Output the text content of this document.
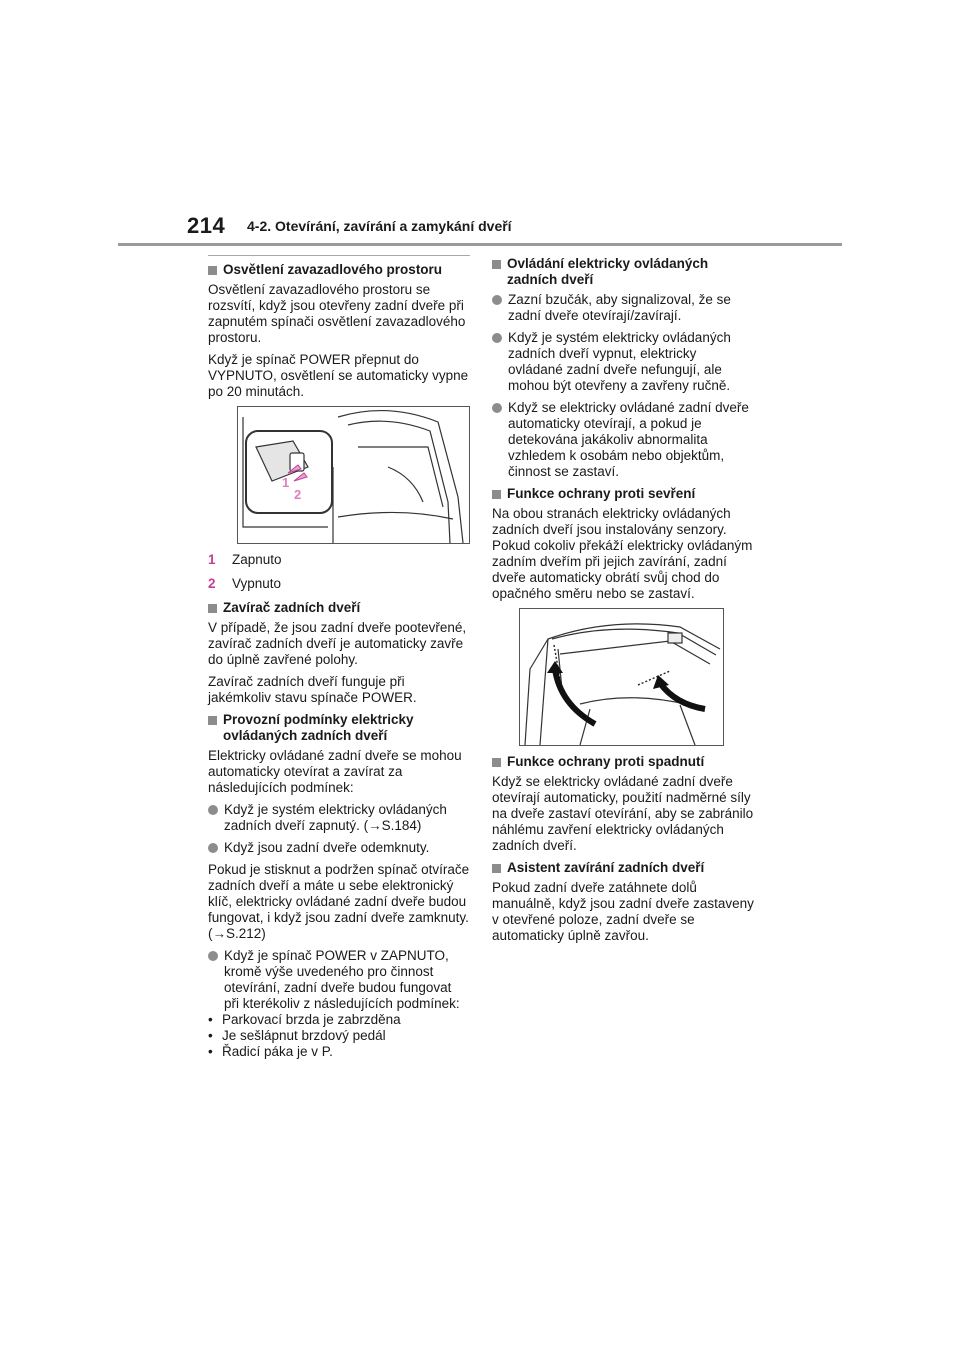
214 4-2. Otevírání, zavírání a zamykání dveří
Osvětlení zavazadlového prostoru

Osvětlení zavazadlového prostoru se rozsvítí, když jsou otevřeny zadní dveře při zapnutém spínači osvětlení zavazadlového prostoru.

Když je spínač POWER přepnut do VYPNUTO, osvětlení se automaticky vypne po 20 minutách.

1
2
1	Zapnuto
2	Vypnuto
Zavírač zadních dveří

V případě, že jsou zadní dveře pootevřené, zavírač zadních dveří je automaticky zavře do úplně zavřené polohy.

Zavírač zadních dveří funguje při jakémkoliv stavu spínače POWER.

Provozní podmínky elektricky ovládaných zadních dveří

Elektricky ovládané zadní dveře se mohou automaticky otevírat a zavírat za následujících podmínek:

Když je systém elektricky ovládaných zadních dveří zapnutý. (→S.184)
Když jsou zadní dveře odemknuty.

Pokud je stisknut a podržen spínač otvírače zadních dveří a máte u sebe elektronický klíč, elektricky ovládané zadní dveře budou fungovat, i když jsou zadní dveře zamknuty. (→S.212)

Když je spínač POWER v ZAPNUTO, kromě výše uvedeného pro činnost otevírání, zadní dveře budou fungovat při kterékoliv z následujících podmínek:
• Parkovací brzda je zabrzděna
• Je sešlápnut brzdový pedál
• Řadicí páka je v P.
Ovládání elektricky ovládaných zadních dveří
Zazní bzučák, aby signalizoval, že se zadní dveře otevírají/zavírají.
Když je systém elektricky ovládaných zadních dveří vypnut, elektricky ovládané zadní dveře nefungují, ale mohou být otevřeny a zavřeny ručně.
Když se elektricky ovládané zadní dveře automaticky otevírají, a pokud je detekována jakákoliv abnormalita vzhledem k osobám nebo objektům, činnost se zastaví.
Funkce ochrany proti sevření

Na obou stranách elektricky ovládaných zadních dveří jsou instalovány senzory. Pokud cokoliv překáží elektricky ovládaným zadním dveřím při jejich zavírání, zadní dveře automaticky obrátí svůj chod do opačného směru nebo se zastaví.

Funkce ochrany proti spadnutí

Když se elektricky ovládané zadní dveře otevírají automaticky, použití nadměrné síly na dveře zastaví otevírání, aby se zabránilo náhlému zavření elektricky ovládaných zadních dveří.

Asistent zavírání zadních dveří

Pokud zadní dveře zatáhnete dolů manuálně, když jsou zadní dveře zastaveny v otevřené poloze, zadní dveře se automaticky úplně zavřou.
